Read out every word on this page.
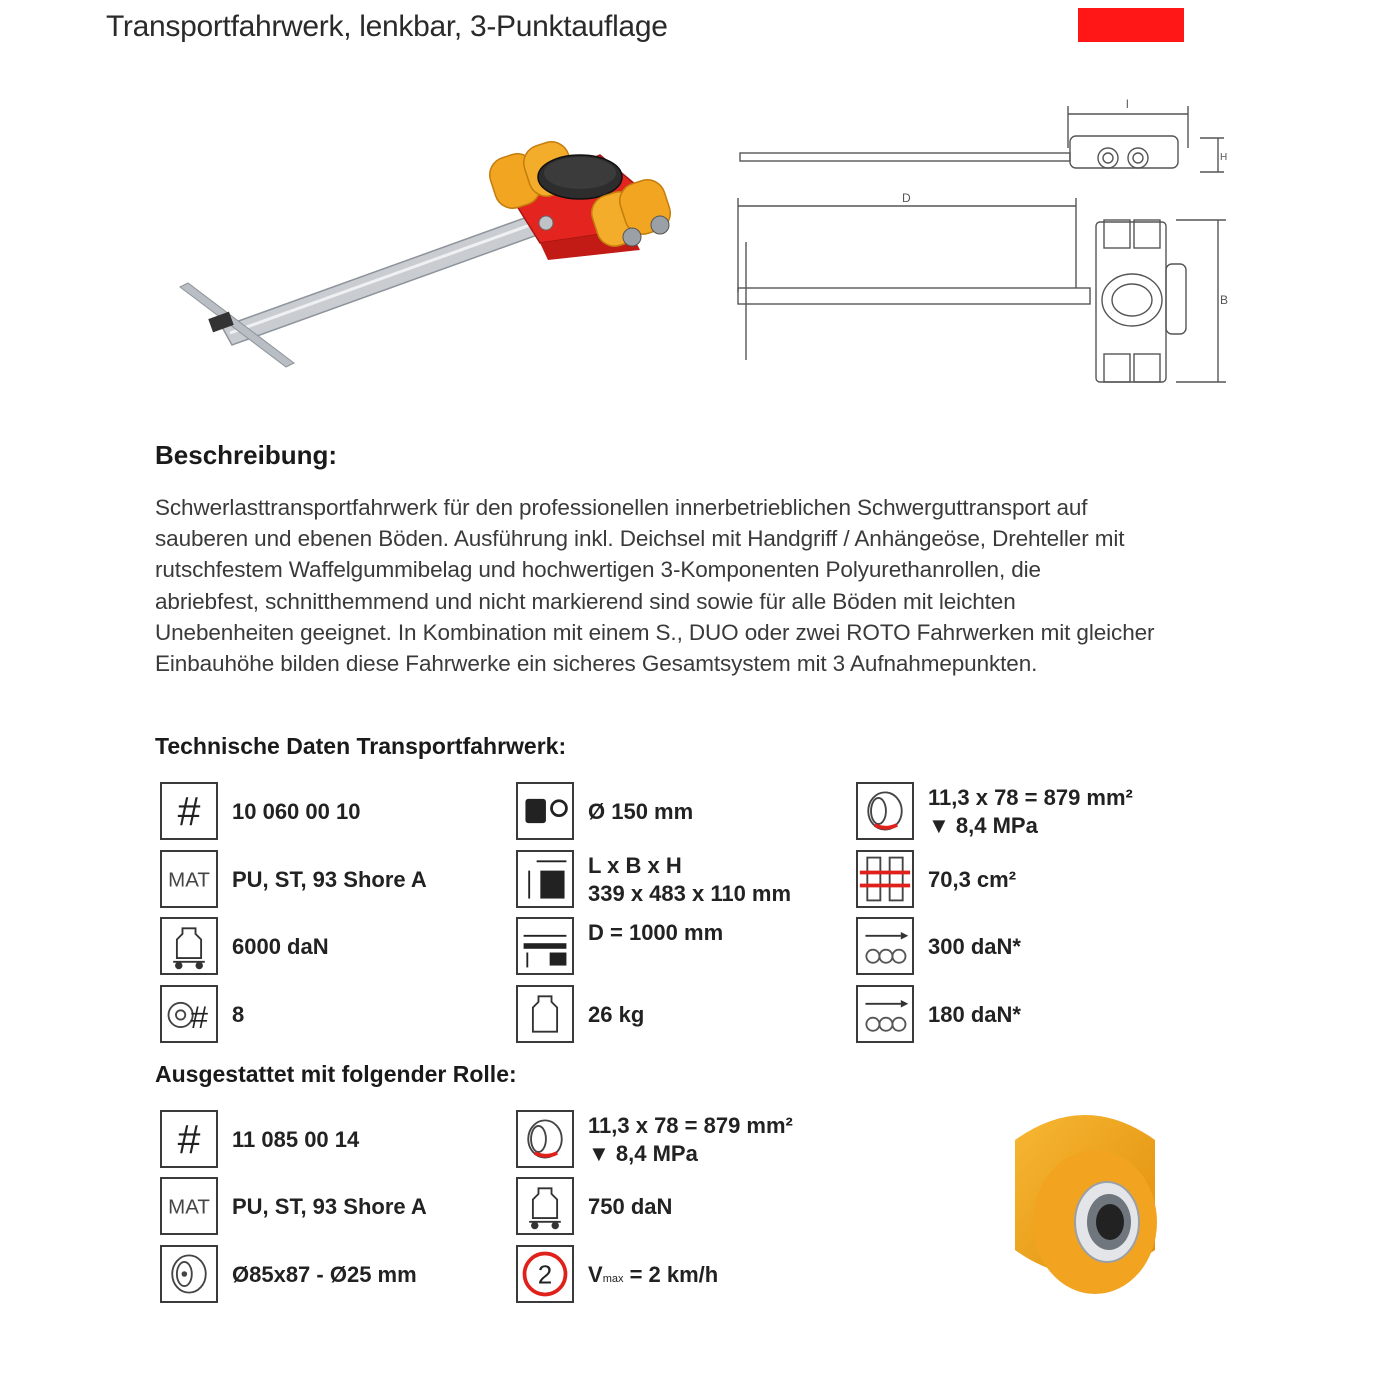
Transportfahrwerk, lenkbar, 3-Punktauflage
l
D
B
H
Beschreibung:
Schwerlasttransportfahrwerk für den professionellen innerbetrieblichen Schwerguttransport auf
sauberen und ebenen Böden. Ausführung inkl. Deichsel mit Handgriff / Anhängeöse, Drehteller mit
rutschfestem Waffelgummibelag und hochwertigen 3-Komponenten Polyurethanrollen, die
abriebfest, schnitthemmend und nicht markierend sind sowie für alle Böden mit leichten
Unebenheiten geeignet. In Kombination mit einem S., DUO oder zwei ROTO Fahrwerken mit gleicher
Einbauhöhe bilden diese Fahrwerke ein sicheres Gesamtsystem mit 3 Aufnahmepunkten.
Technische Daten Transportfahrwerk:
# 10 060 00 10
MAT PU, ST, 93 Shore A
6000 daN
# 8
Ø 150 mm
L x B x H
339 x 483 x 110 mm
D = 1000 mm
26 kg
11,3 x 78 = 879 mm²
▼ 8,4 MPa
70,3 cm²
300 daN*
180 daN*
Ausgestattet mit folgender Rolle:
# 11 085 00 14
MAT PU, ST, 93 Shore A
Ø85x87 - Ø25 mm
11,3 x 78 = 879 mm²
▼ 8,4 MPa
750 daN
2 Vmax = 2 km/h
